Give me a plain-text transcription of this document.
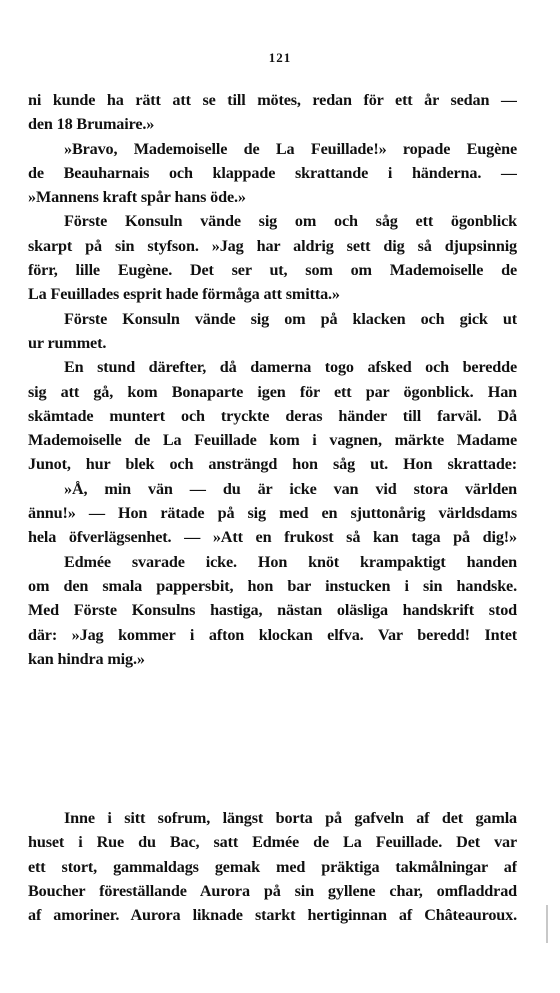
121
ni kunde ha rätt att se till mötes, redan för ett år sedan —
den 18 Brumaire.»
»Bravo, Mademoiselle de La Feuillade!» ropade Eugène
de Beauharnais och klappade skrattande i händerna. —
»Mannens kraft spår hans öde.»
Förste Konsuln vände sig om och såg ett ögonblick
skarpt på sin styfson. »Jag har aldrig sett dig så djupsinnig
förr, lille Eugène. Det ser ut, som om Mademoiselle de
La Feuillades esprit hade förmåga att smitta.»
Förste Konsuln vände sig om på klacken och gick ut
ur rummet.
En stund därefter, då damerna togo afsked och beredde
sig att gå, kom Bonaparte igen för ett par ögonblick. Han
skämtade muntert och tryckte deras händer till farväl. Då
Mademoiselle de La Feuillade kom i vagnen, märkte Madame
Junot, hur blek och ansträngd hon såg ut. Hon skrattade:
»Å, min vän — du är icke van vid stora världen
ännu!» — Hon rätade på sig med en sjuttonårig världsdams
hela öfverlägsenhet. — »Att en frukost så kan taga på dig!»
Edmée svarade icke. Hon knöt krampaktigt handen
om den smala pappersbit, hon bar instucken i sin handske.
Med Förste Konsulns hastiga, nästan oläsliga handskrift stod
där: »Jag kommer i afton klockan elfva. Var beredd! Intet
kan hindra mig.»
Inne i sitt sofrum, längst borta på gafveln af det gamla
huset i Rue du Bac, satt Edmée de La Feuillade. Det var
ett stort, gammaldags gemak med präktiga takmålningar af
Boucher föreställande Aurora på sin gyllene char, omfladdrad
af amoriner. Aurora liknade starkt hertiginnan af Châteauroux.
